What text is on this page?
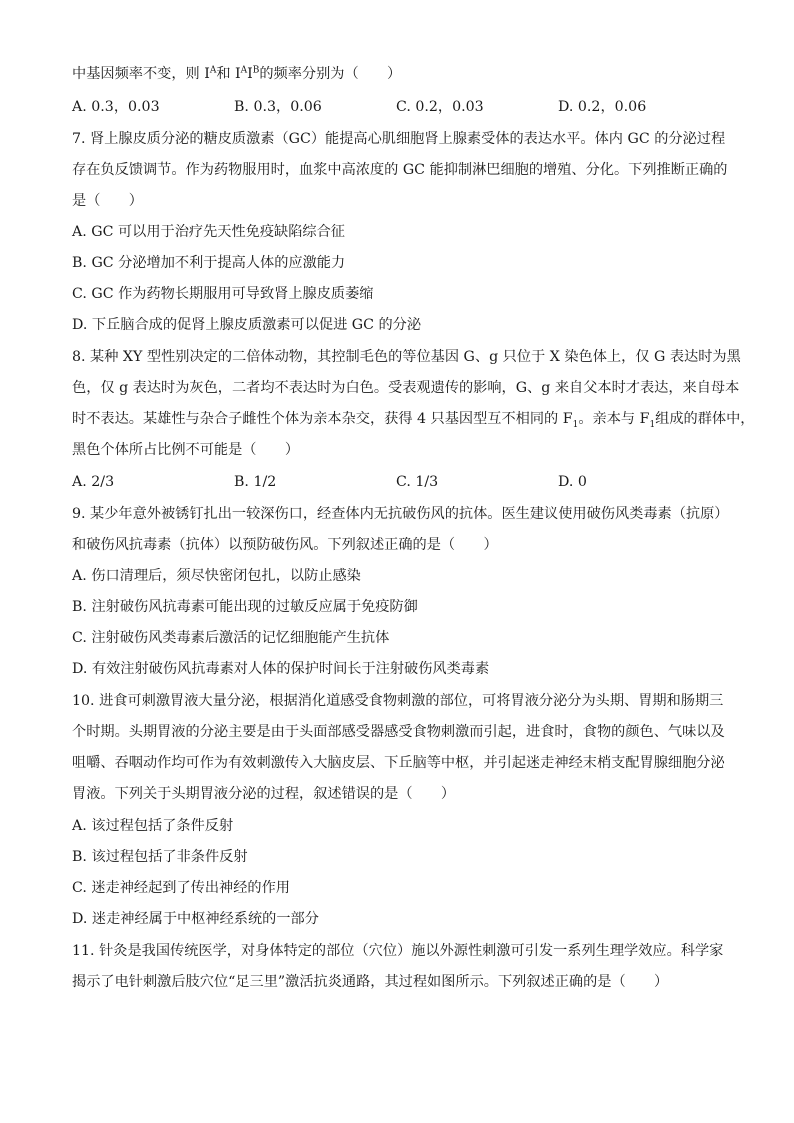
中基因频率不变，则 $I^A$和 $I^AI^B$的频率分别为（　　）
A. 0.3，0.03	B. 0.3，0.06	C. 0.2，0.03	D. 0.2，0.06
7. 肾上腺皮质分泌的糖皮质激素（GC）能提高心肌细胞肾上腺素受体的表达水平。体内 GC 的分泌过程
存在负反馈调节。作为药物服用时，血浆中高浓度的 GC 能抑制淋巴细胞的增殖、分化。下列推断正确的
是（　　）
A. GC 可以用于治疗先天性免疫缺陷综合征
B. GC 分泌增加不利于提高人体的应激能力
C. GC 作为药物长期服用可导致肾上腺皮质萎缩
D. 下丘脑合成的促肾上腺皮质激素可以促进 GC 的分泌
8. 某种 XY 型性别决定的二倍体动物，其控制毛色的等位基因 G、g 只位于 X 染色体上，仅 G 表达时为黑
色，仅 g 表达时为灰色，二者均不表达时为白色。受表观遗传的影响，G、g 来自父本时才表达，来自母本
时不表达。某雄性与杂合子雌性个体为亲本杂交，获得 4 只基因型互不相同的 $F_1$。亲本与 $F_1$组成的群体中，
黑色个体所占比例不可能是（　　）
A. 2/3	B. 1/2	C. 1/3	D. 0
9. 某少年意外被锈钉扎出一较深伤口，经查体内无抗破伤风的抗体。医生建议使用破伤风类毒素（抗原）
和破伤风抗毒素（抗体）以预防破伤风。下列叙述正确的是（　　）
A. 伤口清理后，须尽快密闭包扎，以防止感染
B. 注射破伤风抗毒素可能出现的过敏反应属于免疫防御
C. 注射破伤风类毒素后激活的记忆细胞能产生抗体
D. 有效注射破伤风抗毒素对人体的保护时间长于注射破伤风类毒素
10. 进食可刺激胃液大量分泌，根据消化道感受食物刺激的部位，可将胃液分泌分为头期、胃期和肠期三
个时期。头期胃液的分泌主要是由于头面部感受器感受食物刺激而引起，进食时，食物的颜色、气味以及
咀嚼、吞咽动作均可作为有效刺激传入大脑皮层、下丘脑等中枢，并引起迷走神经末梢支配胃腺细胞分泌
胃液。下列关于头期胃液分泌的过程，叙述错误的是（　　）
A. 该过程包括了条件反射
B. 该过程包括了非条件反射
C. 迷走神经起到了传出神经的作用
D. 迷走神经属于中枢神经系统的一部分
11. 针灸是我国传统医学，对身体特定的部位（穴位）施以外源性刺激可引发一系列生理学效应。科学家
揭示了电针刺激后肢穴位“足三里”激活抗炎通路，其过程如图所示。下列叙述正确的是（　　）
